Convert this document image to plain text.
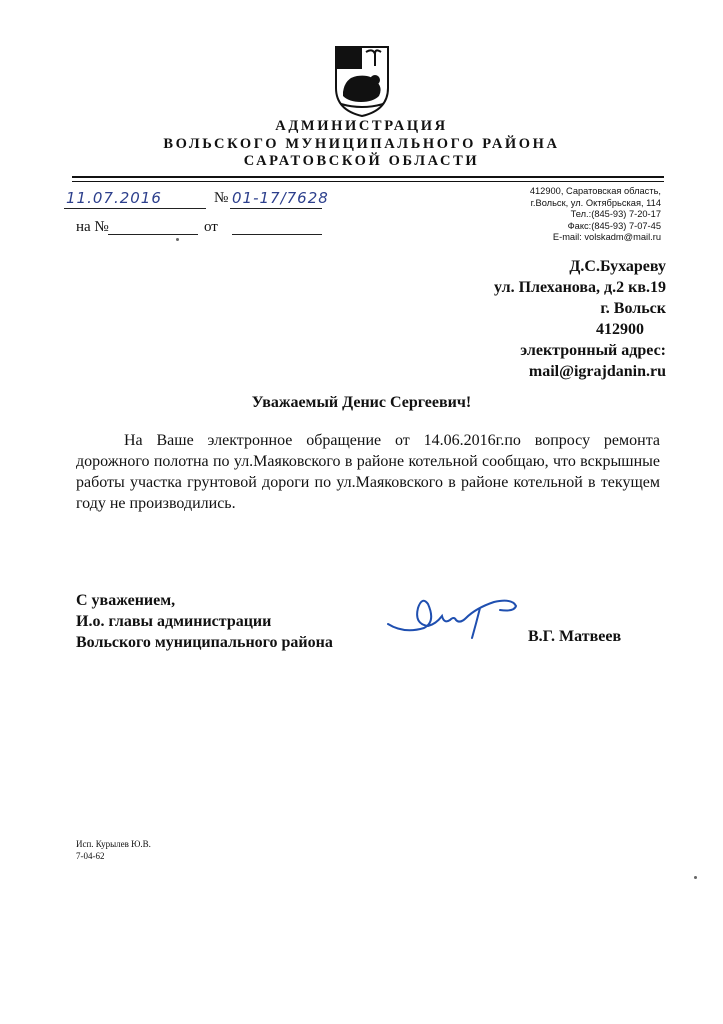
АДМИНИСТРАЦИЯ
ВОЛЬСКОГО МУНИЦИПАЛЬНОГО РАЙОНА
САРАТОВСКОЙ ОБЛАСТИ
11.07.2016	№ 01-17/7628
на №	от
412900, Саратовская область,
г.Вольск, ул. Октябрьская, 114
Тел.:(845-93) 7-20-17
Факс:(845-93) 7-07-45
E-mail: volskadm@mail.ru
Д.С.Бухареву
ул. Плеханова, д.2 кв.19
г. Вольск
412900
электронный адрес:
mail@igrajdanin.ru
Уважаемый Денис Сергеевич!

На Ваше электронное обращение от 14.06.2016г.по вопросу ремонта дорожного полотна по ул.Маяковского в районе котельной сообщаю, что вскрышные работы участка грунтовой дороги по ул.Маяковского в районе котельной в текущем году не производились.

С уважением,
И.о. главы администрации
Вольского муниципального района	В.Г. Матвеев
Исп. Курылев Ю.В.
7-04-62
